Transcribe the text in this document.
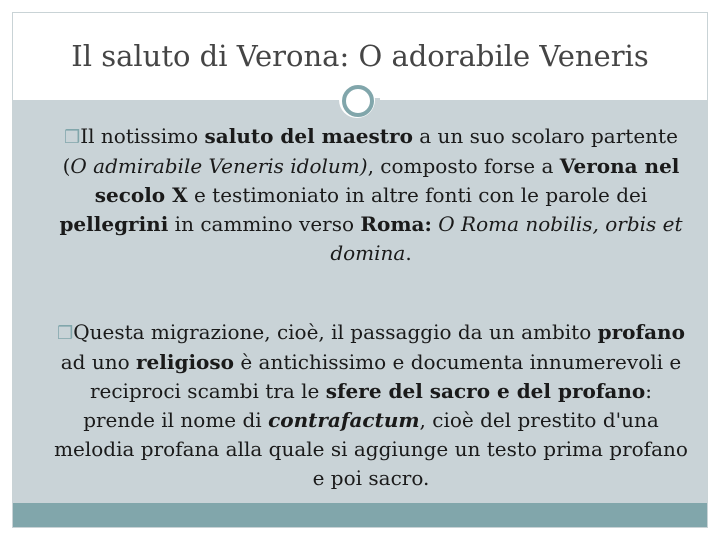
Il saluto di Verona: O adorabile Veneris
❒Il notissimo saluto del maestro a un suo scolaro partente (O admirabile Veneris idolum), composto forse a Verona nel secolo X e testimoniato in altre fonti con le parole dei pellegrini in cammino verso Roma: O Roma nobilis, orbis et domina.
❒Questa migrazione, cioè, il passaggio da un ambito profano ad uno religioso è antichissimo e documenta innumerevoli e reciproci scambi tra le sfere del sacro e del profano: prende il nome di contrafactum, cioè del prestito d'una melodia profana alla quale si aggiunge un testo prima profano e poi sacro.
